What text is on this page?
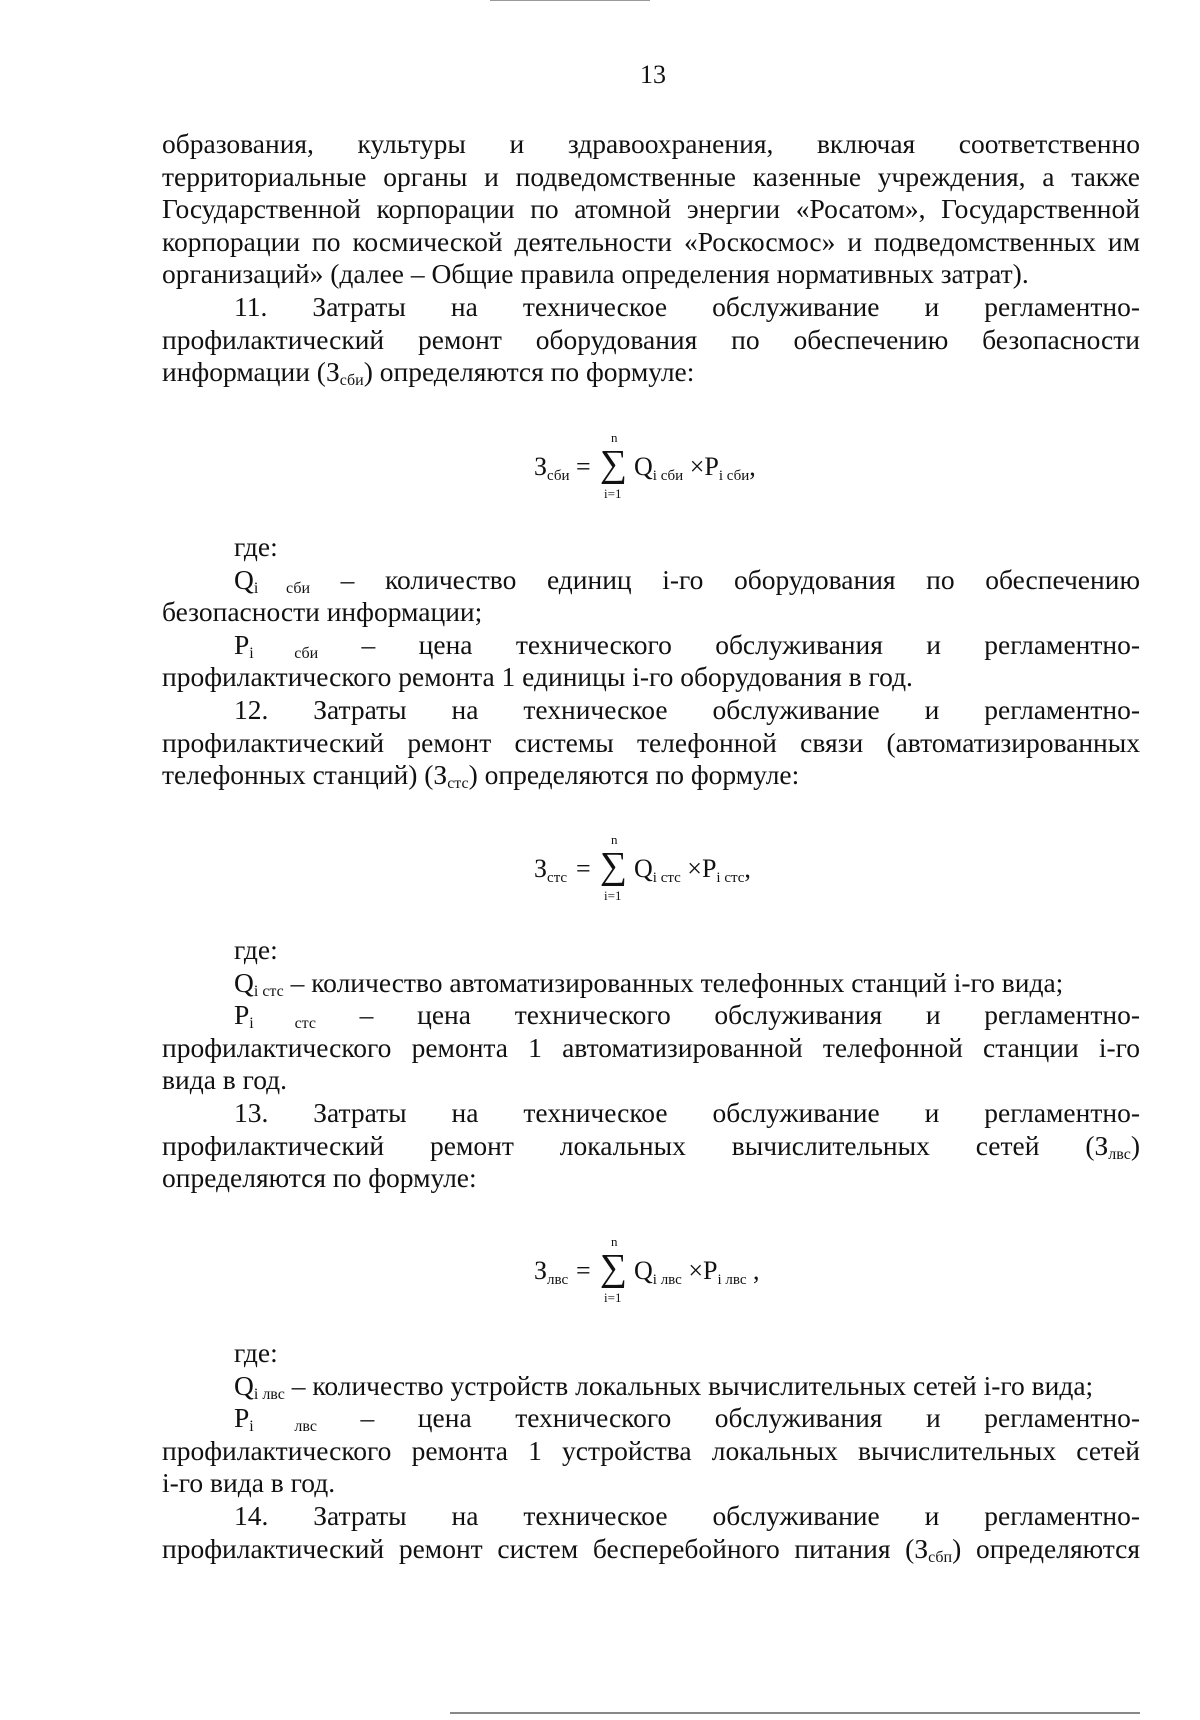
13
образования, культуры и здравоохранения, включая соответственно
территориальные органы и подведомственные казенные учреждения, а также
Государственной корпорации по атомной энергии «Росатом», Государственной
корпорации по космической деятельности «Роскосмос» и подведомственных им
организаций» (далее – Общие правила определения нормативных затрат).
11. Затраты на техническое обслуживание и регламентно-
профилактический ремонт оборудования по обеспечению безопасности
информации $(З_{сби})$ определяются по формуле:
Зсби =
n
∑
i=1
Qi сби ×Pi сби,
где:
$Q_{i сби}$ – количество единиц i-го оборудования по обеспечению
безопасности информации;
$P_{i сби}$ – цена технического обслуживания и регламентно-
профилактического ремонта 1 единицы i-го оборудования в год.
12. Затраты на техническое обслуживание и регламентно-
профилактический ремонт системы телефонной связи (автоматизированных
телефонных станций) $(З_{стс})$ определяются по формуле:
Зстс =
n
∑
i=1
Qi стс ×Pi стс,
где:
$Q_{i стс}$ – количество автоматизированных телефонных станций i-го вида;
$P_{i стс}$ – цена технического обслуживания и регламентно-
профилактического ремонта 1 автоматизированной телефонной станции i-го
вида в год.
13. Затраты на техническое обслуживание и регламентно-
профилактический ремонт локальных вычислительных сетей $(З_{лвс})$
определяются по формуле:
Злвс =
n
∑
i=1
Qi лвс ×Pi лвс ,
где:
$Q_{i лвс}$ – количество устройств локальных вычислительных сетей i-го вида;
$P_{i лвс}$ – цена технического обслуживания и регламентно-
профилактического ремонта 1 устройства локальных вычислительных сетей
i-го вида в год.
14. Затраты на техническое обслуживание и регламентно-
профилактический ремонт систем бесперебойного питания $(З_{сбп})$ определяются
